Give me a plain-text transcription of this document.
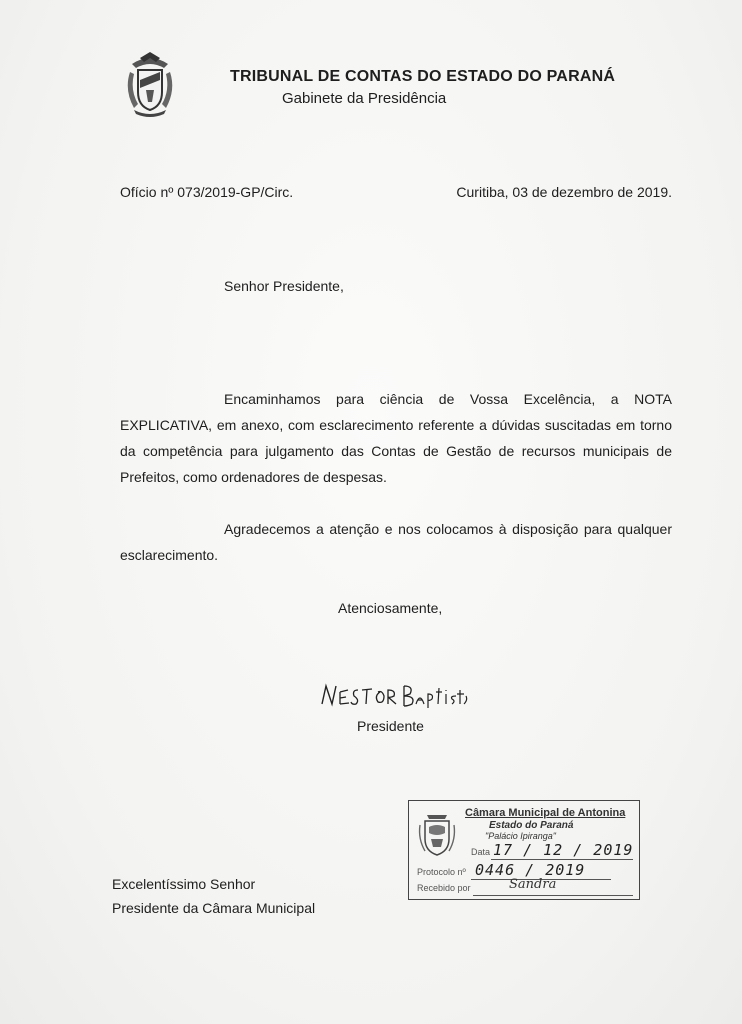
TRIBUNAL DE CONTAS DO ESTADO DO PARANÁ
Gabinete da Presidência
Ofício nº 073/2019-GP/Circ.	Curitiba, 03 de dezembro de 2019.
Senhor Presidente,

Encaminhamos para ciência de Vossa Excelência, a NOTA EXPLICATIVA, em anexo, com esclarecimento referente a dúvidas suscitadas em torno da competência para julgamento das Contas de Gestão de recursos municipais de Prefeitos, como ordenadores de despesas.

Agradecemos a atenção e nos colocamos à disposição para qualquer esclarecimento.

Atenciosamente,
Presidente
Excelentíssimo Senhor
Presidente da Câmara Municipal
Câmara Municipal de Antonina
Estado do Paraná
"Palácio Ipiranga"
Data 17 / 12 / 2019
Protocolo nº 0446 / 2019
Recebido por	Sandra
